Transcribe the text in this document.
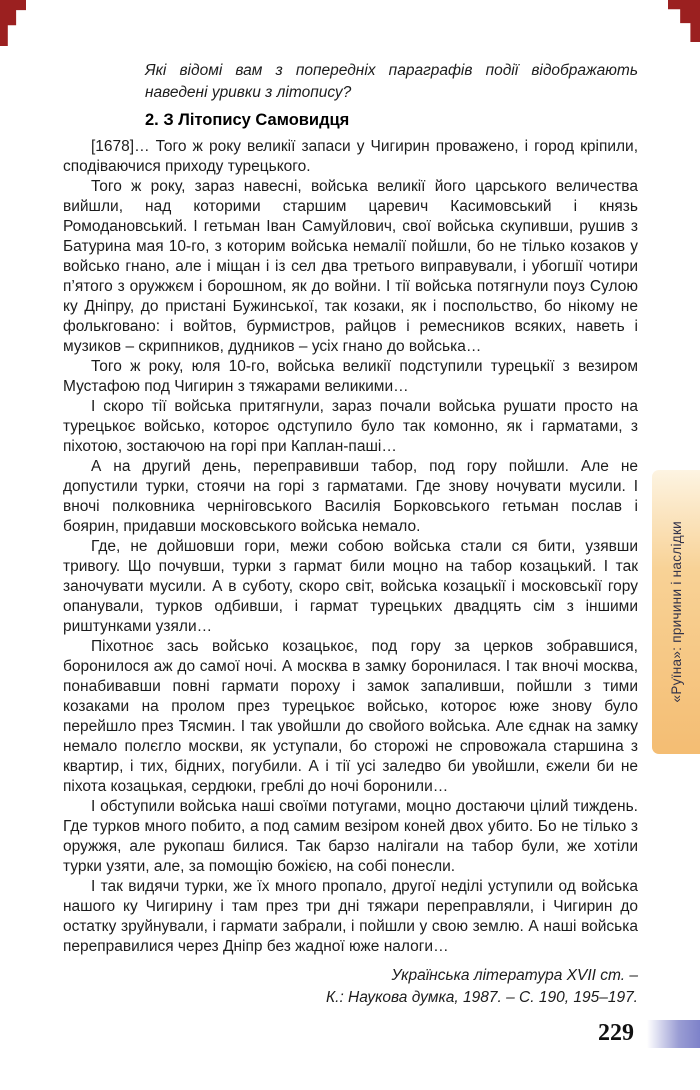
Які відомі вам з попередніх параграфів події відображають наведені уривки з літопису?

2. З Літопису Самовидця

[1678]… Того ж року великії запаси у Чигирин проважено, і город кріпили, сподіваючися приходу турецького.

Того ж року, зараз навесні, войська великії його царського величества вийшли, над которими старшим царевич Касимовський і князь Ромодановський. І гетьман Іван Самуйлович, свої войська скупивши, рушив з Батурина мая 10-го, з которим войська немалії пойшли, бо не тілько козаков у войсько гнано, але і міщан і із сел два третього виправували, і убогшії чотири п’ятого з оружжєм і борошном, як до войни. І тії войська потягнули поуз Сулою ку Дніпру, до пристані Бужинської, так козаки, як і поспольство, бо нікому не фолькговано: і войтов, бурмистров, райцов і ремесников всяких, наветь і музиков – скрипников, дудников – усіх гнано до войська…

Того ж року, юля 10-го, войська великії подступили турецькії з везиром Мустафою под Чигирин з тяжарами великими…

І скоро тії войська притягнули, зараз почали войська рушати просто на турецькоє войсько, котороє одступило було так комонно, як і гарматами, з піхотою, зостаючою на горі при Каплан-паші…

А на другий день, переправивши табор, под гору пойшли. Але не допустили турки, стоячи на горі з гарматами. Где знову ночувати мусили. І вночі полковника черніговського Василія Борковського гетьман послав і боярин, придавши московського войська немало.

Где, не дойшовши гори, межи собою войська стали ся бити, узявши тривогу. Що почувши, турки з гармат били моцно на табор козацький. І так заночувати мусили. А в суботу, скоро світ, войська козацькії і московськії гору опанували, турков одбивши, і гармат турецьких двадцять сім з іншими риштунками узяли…

Піхотноє зась войсько козацькоє, под гору за церков зобравшися, боронилося аж до самої ночі. А москва в замку боронилася. І так вночі москва, понабивавши повні гармати пороху і замок запаливши, пойшли з тими козаками на пролом през турецькоє войсько, котороє юже знову було перейшло през Тясмин. І так увойшли до свойого войська. Але єднак на замку немало полєгло москви, як уступали, бо сторожі не спровожала старшина з квартир, і тих, бідних, погубили. А і тії усі заледво би увойшли, єжели би не піхота козацькая, сердюки, греблі до ночі боронили…

І обступили войська наші своїми потугами, моцно достаючи цілий тиждень. Где турков много побито, а под самим везіром коней двох убито. Бо не тілько з оружжя, але рукопаш билися. Так барзо налігали на табор були, же хотіли турки узяти, але, за помощію божією, на собі понесли.

І так видячи турки, же їх много пропало, другої неділі уступили од войська нашого ку Чигирину і там през три дні тяжари переправляли, і Чигирин до остатку зруйнували, і гармати забрали, і пойшли у свою землю. А наші войська переправилися через Дніпр без жадної юже налоги…

Українська література XVII ст. –
К.: Наукова думка, 1987. – С. 190, 195–197.
«Руїна»: причини і наслідки
229
